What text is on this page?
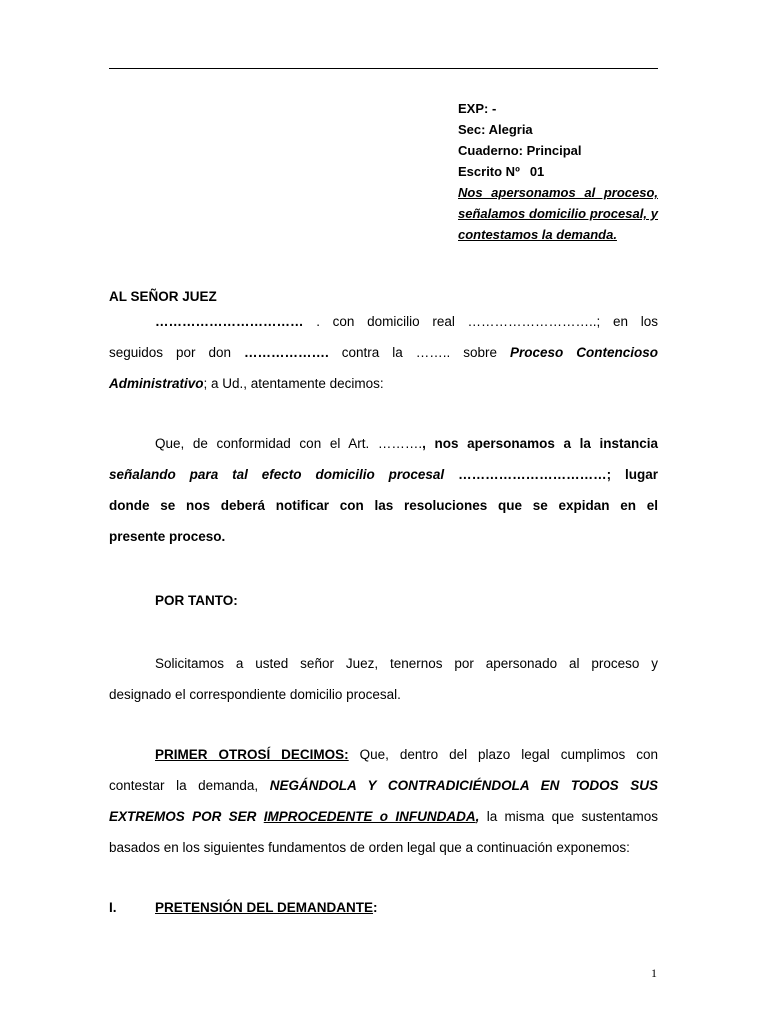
EXP: -
Sec: Alegria
Cuaderno: Principal
Escrito Nº 01
Nos apersonamos al proceso,
señalamos domicilio procesal, y
contestamos la demanda.
AL SEÑOR JUEZ
…………………………… . con domicilio real ………………………..; en los
seguidos por don ………………. contra la …….. sobre Proceso Contencioso
Administrativo; a Ud., atentamente decimos:
Que, de conformidad con el Art. ………., nos apersonamos a la instancia
señalando para tal efecto domicilio procesal ……………………………; lugar
donde se nos deberá notificar con las resoluciones que se expidan en el
presente proceso.
POR TANTO:
Solicitamos a usted señor Juez, tenernos por apersonado al proceso y
designado el correspondiente domicilio procesal.
PRIMER OTROSÍ DECIMOS: Que, dentro del plazo legal cumplimos con
contestar la demanda, NEGÁNDOLA Y CONTRADICIÉNDOLA EN TODOS SUS
EXTREMOS POR SER IMPROCEDENTE o INFUNDADA, la misma que sustentamos
basados en los siguientes fundamentos de orden legal que a continuación exponemos:
I.	PRETENSIÓN DEL DEMANDANTE:
1
